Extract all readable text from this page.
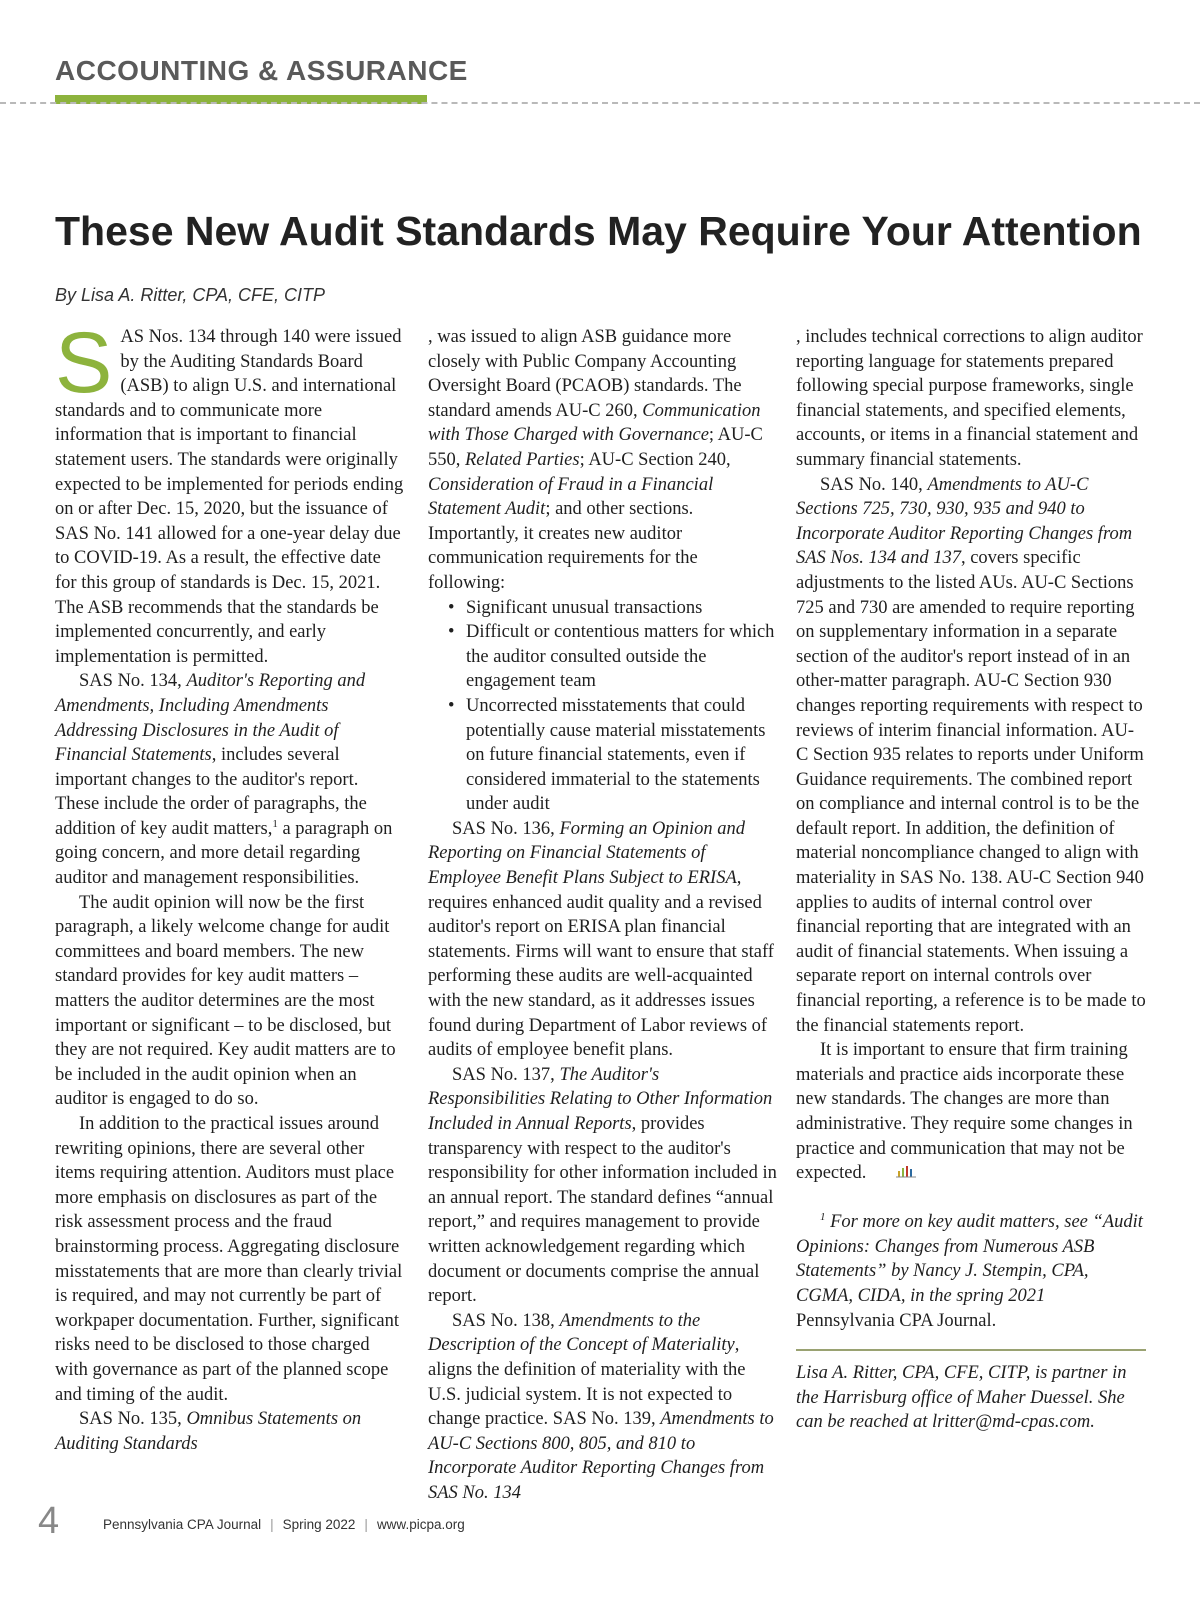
ACCOUNTING & ASSURANCE
These New Audit Standards May Require Your Attention
By Lisa A. Ritter, CPA, CFE, CITP

SAS Nos. 134 through 140 were issued by the Auditing Standards Board (ASB) to align U.S. and international standards and to communicate more information that is important to financial statement users. The standards were originally expected to be implemented for periods ending on or after Dec. 15, 2020, but the issuance of SAS No. 141 allowed for a one-year delay due to COVID-19. As a result, the effective date for this group of standards is Dec. 15, 2021. The ASB recommends that the standards be implemented concurrently, and early implementation is permitted.

SAS No. 134, Auditor's Reporting and Amendments, Including Amendments Addressing Disclosures in the Audit of Financial Statements, includes several important changes to the auditor's report. These include the order of paragraphs, the addition of key audit matters,$^1$ a paragraph on going concern, and more detail regarding auditor and management responsibilities.

The audit opinion will now be the first paragraph, a likely welcome change for audit committees and board members. The new standard provides for key audit matters – matters the auditor determines are the most important or significant – to be disclosed, but they are not required. Key audit matters are to be included in the audit opinion when an auditor is engaged to do so.

In addition to the practical issues around rewriting opinions, there are several other items requiring attention. Auditors must place more emphasis on disclosures as part of the risk assessment process and the fraud brainstorming process. Aggregating disclosure misstatements that are more than clearly trivial is required, and may not currently be part of workpaper documentation. Further, significant risks need to be disclosed to those charged with governance as part of the planned scope and timing of the audit.

SAS No. 135, Omnibus Statements on Auditing Standards

, was issued to align ASB guidance more closely with Public Company Accounting Oversight Board (PCAOB) standards. The standard amends AU-C 260, Communication with Those Charged with Governance; AU-C 550, Related Parties; AU-C Section 240, Consideration of Fraud in a Financial Statement Audit; and other sections. Importantly, it creates new auditor communication requirements for the following:

• Significant unusual transactions
• Difficult or contentious matters for which the auditor consulted outside the engagement team
• Uncorrected misstatements that could potentially cause material misstatements on future financial statements, even if considered immaterial to the statements under audit

SAS No. 136, Forming an Opinion and Reporting on Financial Statements of Employee Benefit Plans Subject to ERISA, requires enhanced audit quality and a revised auditor's report on ERISA plan financial statements. Firms will want to ensure that staff performing these audits are well-acquainted with the new standard, as it addresses issues found during Department of Labor reviews of audits of employee benefit plans.

SAS No. 137, The Auditor's Responsibilities Relating to Other Information Included in Annual Reports, provides transparency with respect to the auditor's responsibility for other information included in an annual report. The standard defines “annual report,” and requires management to provide written acknowledgement regarding which document or documents comprise the annual report.

SAS No. 138, Amendments to the Description of the Concept of Materiality, aligns the definition of materiality with the U.S. judicial system. It is not expected to change practice. SAS No. 139, Amendments to AU-C Sections 800, 805, and 810 to Incorporate Auditor Reporting Changes from SAS No. 134

, includes technical corrections to align auditor reporting language for statements prepared following special purpose frameworks, single financial statements, and specified elements, accounts, or items in a financial statement and summary financial statements.

SAS No. 140, Amendments to AU-C Sections 725, 730, 930, 935 and 940 to Incorporate Auditor Reporting Changes from SAS Nos. 134 and 137, covers specific adjustments to the listed AUs. AU-C Sections 725 and 730 are amended to require reporting on supplementary information in a separate section of the auditor's report instead of in an other-matter paragraph. AU-C Section 930 changes reporting requirements with respect to reviews of interim financial information. AU-C Section 935 relates to reports under Uniform Guidance requirements. The combined report on compliance and internal control is to be the default report. In addition, the definition of material noncompliance changed to align with materiality in SAS No. 138. AU-C Section 940 applies to audits of internal control over financial reporting that are integrated with an audit of financial statements. When issuing a separate report on internal controls over financial reporting, a reference is to be made to the financial statements report.

It is important to ensure that firm training materials and practice aids incorporate these new standards. The changes are more than administrative. They require some changes in practice and communication that may not be expected.

$^1$ For more on key audit matters, see “Audit Opinions: Changes from Numerous ASB Statements” by Nancy J. Stempin, CPA, CGMA, CIDA, in the spring 2021 Pennsylvania CPA Journal.

Lisa A. Ritter, CPA, CFE, CITP, is partner in the Harrisburg office of Maher Duessel. She can be reached at lritter@md-cpas.com.

4	Pennsylvania CPA Journal | Spring 2022 | www.picpa.org
